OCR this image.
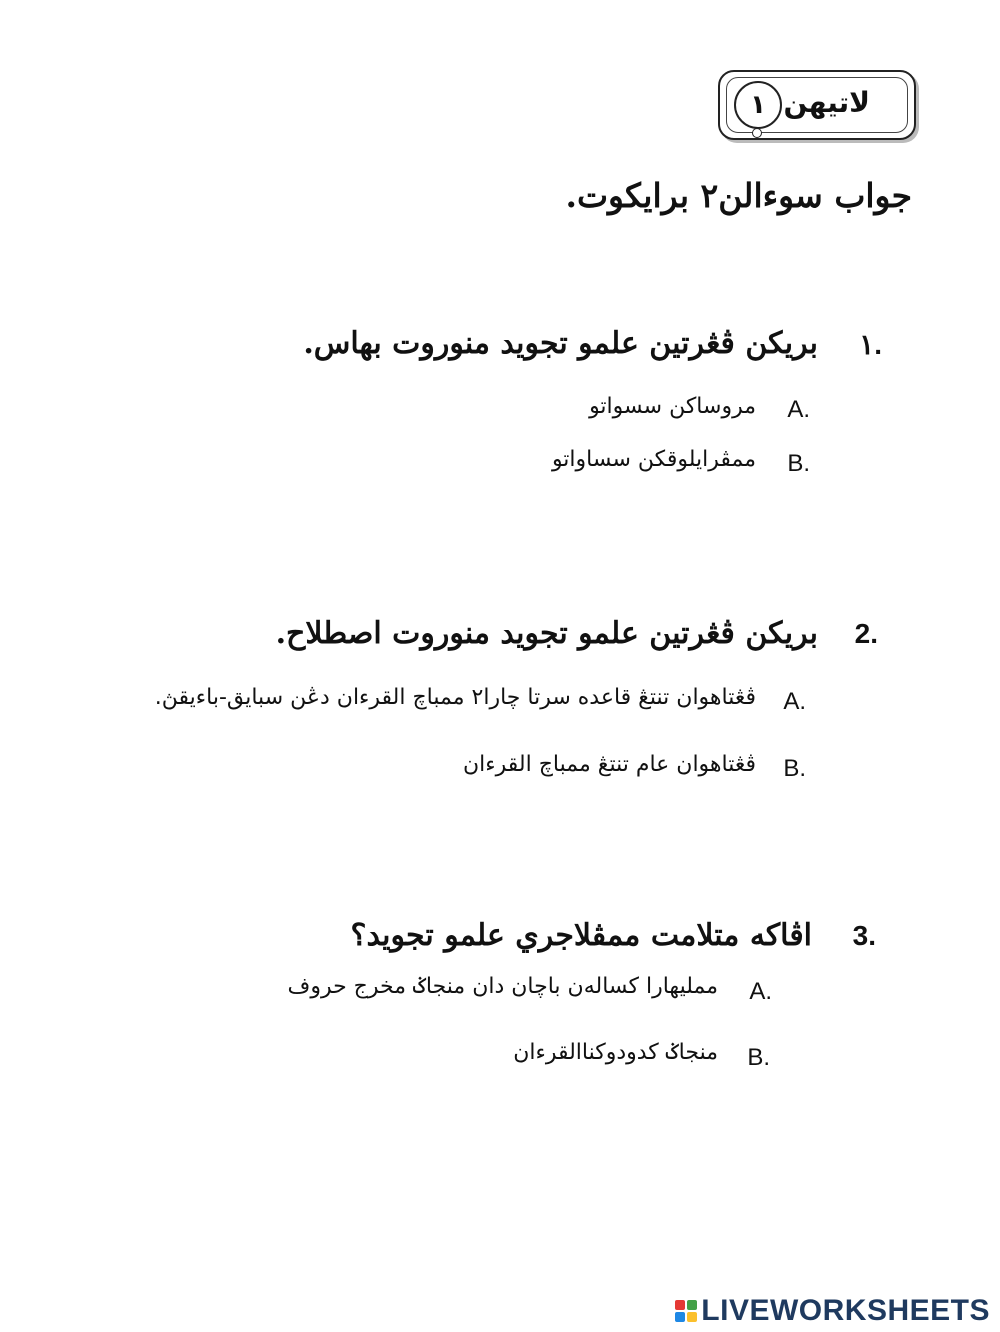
لاتيهن
١
جواب سوءالن٢ برايكوت.
١.
بريكن ڤڠرتين علمو تجويد منوروت بهاس.
A.
مروساكن سسواتو
B.
ممڤرايلوقكن سساواتو
2.
بريكن ڤڠرتين علمو تجويد منوروت اصطلاح.
A.
ڤڠتاهوان تنتڠ قاعده سرتا چارا٢ ممباچ القرءان دڠن سبايق-باءيقڽ.
B.
ڤڠتاهوان عام تنتڠ ممباچ القرءان
3.
اڤاكه متلامت ممڤلاجري علمو تجويد؟
A.
ممليهارا كساله‌ن باچان دان منجاݢ مخرج حروف
B.
منجاݢ كدودوكناالقرءان
LIVEWORKSHEETS
